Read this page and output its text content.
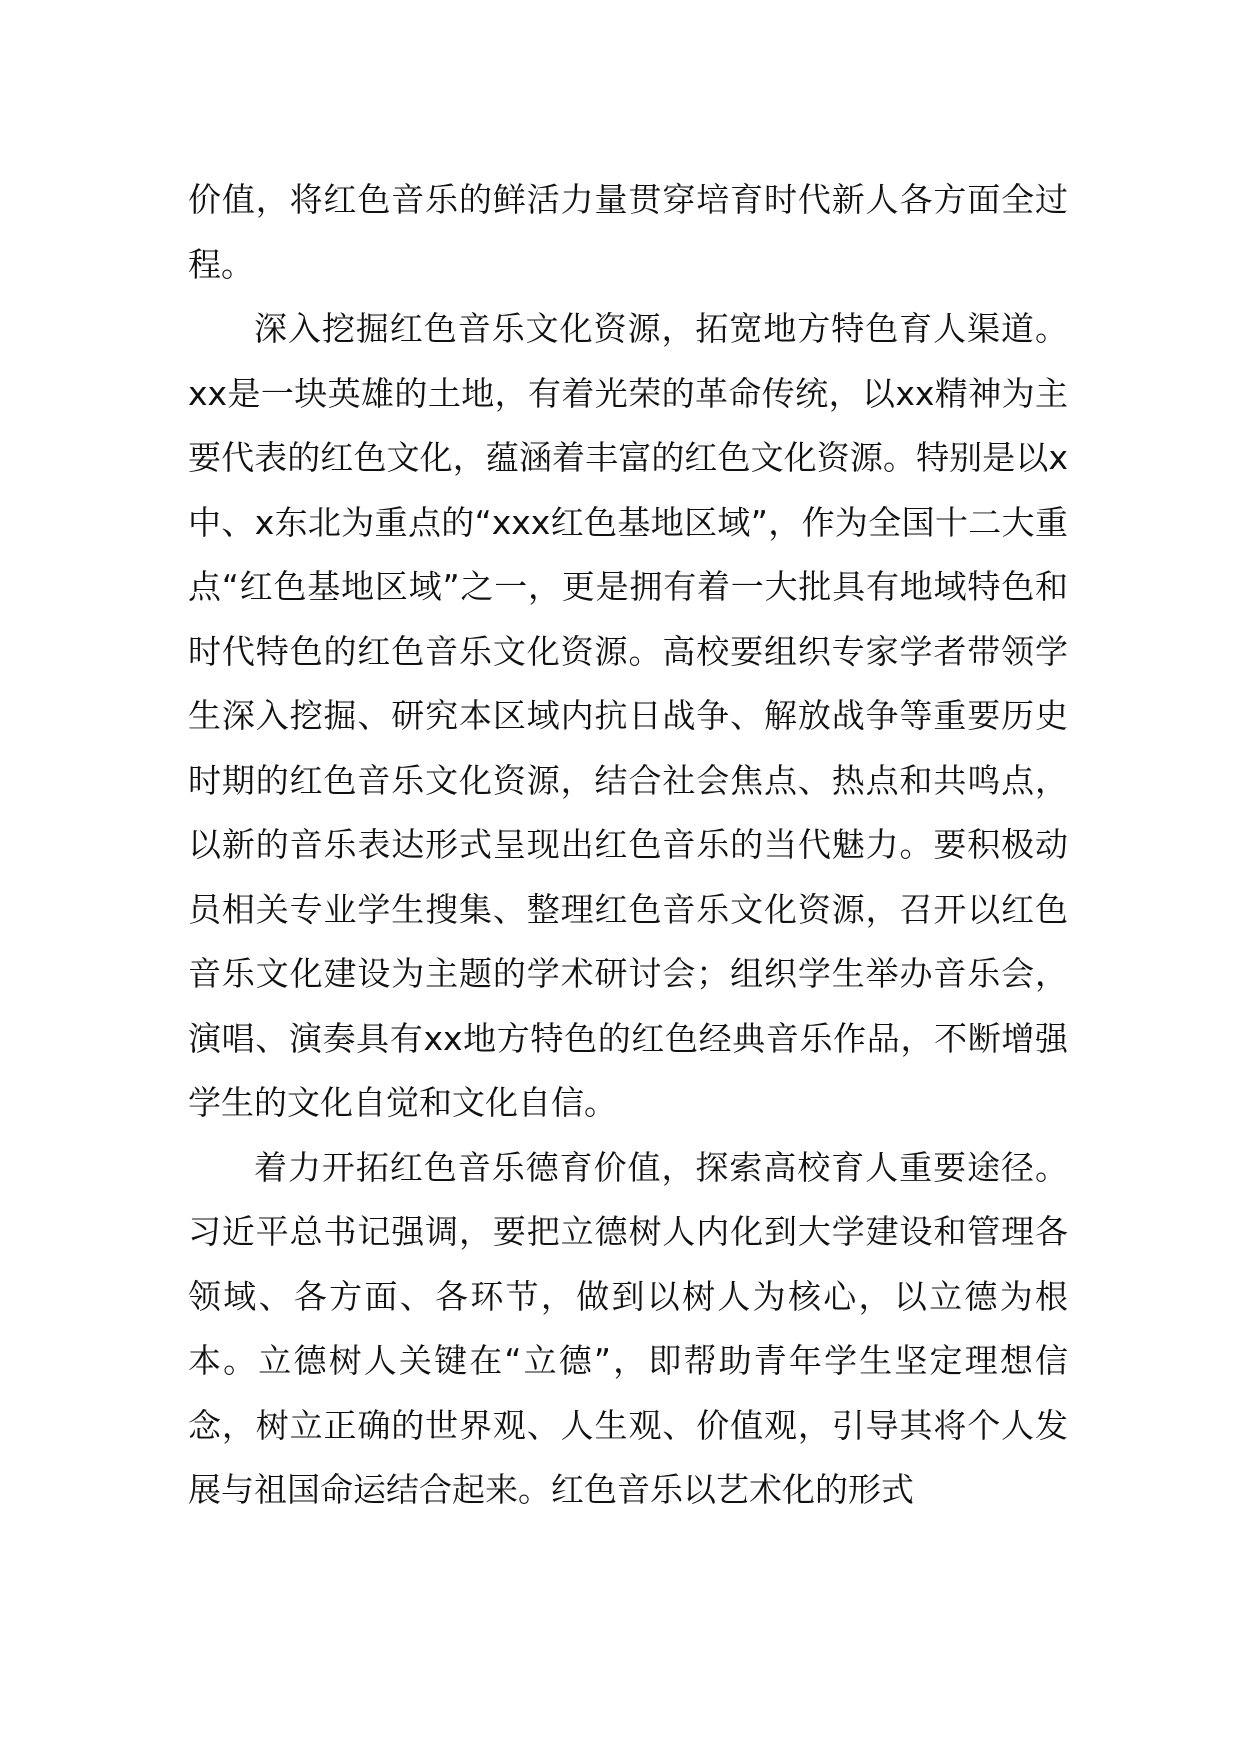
价值，将红色音乐的鲜活力量贯穿培育时代新人各方面全过程。

深入挖掘红色音乐文化资源，拓宽地方特色育人渠道。xx是一块英雄的土地，有着光荣的革命传统，以xx精神为主要代表的红色文化，蕴涵着丰富的红色文化资源。特别是以x中、x东北为重点的“xxx红色基地区域”，作为全国十二大重点“红色基地区域”之一，更是拥有着一大批具有地域特色和时代特色的红色音乐文化资源。高校要组织专家学者带领学生深入挖掘、研究本区域内抗日战争、解放战争等重要历史时期的红色音乐文化资源，结合社会焦点、热点和共鸣点，以新的音乐表达形式呈现出红色音乐的当代魅力。要积极动员相关专业学生搜集、整理红色音乐文化资源，召开以红色音乐文化建设为主题的学术研讨会；组织学生举办音乐会，演唱、演奏具有xx地方特色的红色经典音乐作品，不断增强学生的文化自觉和文化自信。

着力开拓红色音乐德育价值，探索高校育人重要途径。习近平总书记强调，要把立德树人内化到大学建设和管理各领域、各方面、各环节，做到以树人为核心，以立德为根本。立德树人关键在“立德”，即帮助青年学生坚定理想信念，树立正确的世界观、人生观、价值观，引导其将个人发展与祖国命运结合起来。红色音乐以艺术化的形式
